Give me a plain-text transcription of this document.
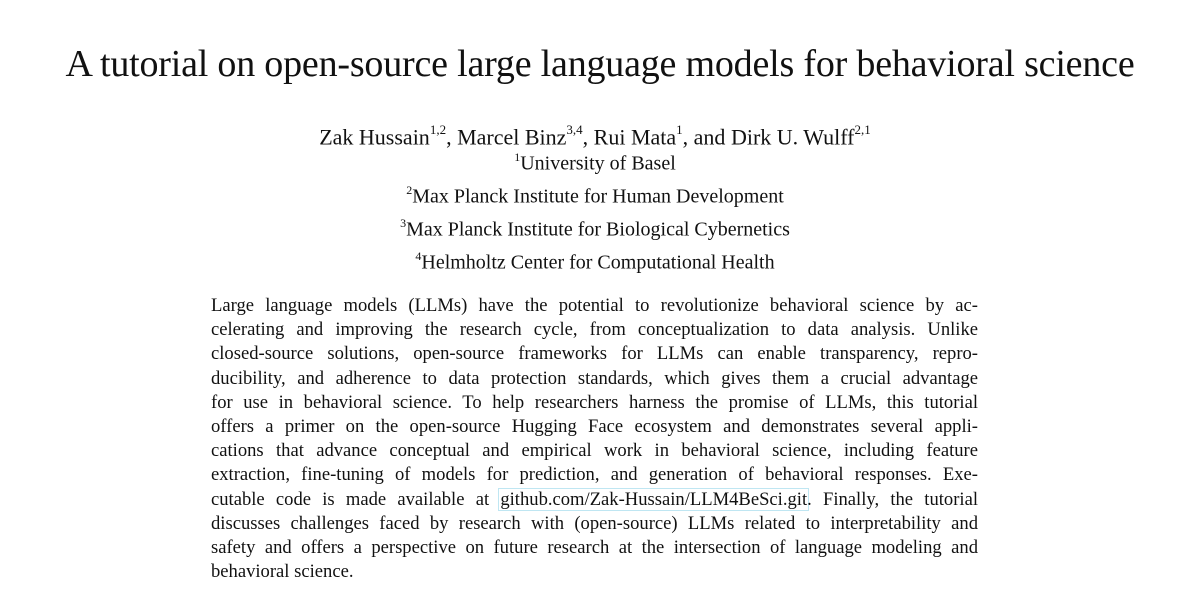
A tutorial on open-source large language models for behavioral science
Zak Hussain$^{1,2}$, Marcel Binz$^{3,4}$, Rui Mata$^1$, and Dirk U. Wulff$^{2,1}$
$^1$University of Basel
$^2$Max Planck Institute for Human Development
$^3$Max Planck Institute for Biological Cybernetics
$^4$Helmholtz Center for Computational Health
Large language models (LLMs) have the potential to revolutionize behavioral science by ac-
celerating and improving the research cycle, from conceptualization to data analysis. Unlike
closed-source solutions, open-source frameworks for LLMs can enable transparency, repro-
ducibility, and adherence to data protection standards, which gives them a crucial advantage
for use in behavioral science. To help researchers harness the promise of LLMs, this tutorial
offers a primer on the open-source Hugging Face ecosystem and demonstrates several appli-
cations that advance conceptual and empirical work in behavioral science, including feature
extraction, fine-tuning of models for prediction, and generation of behavioral responses. Exe-
cutable code is made available at github.com/Zak-Hussain/LLM4BeSci.git. Finally, the tutorial
discusses challenges faced by research with (open-source) LLMs related to interpretability and
safety and offers a perspective on future research at the intersection of language modeling and
behavioral science.
